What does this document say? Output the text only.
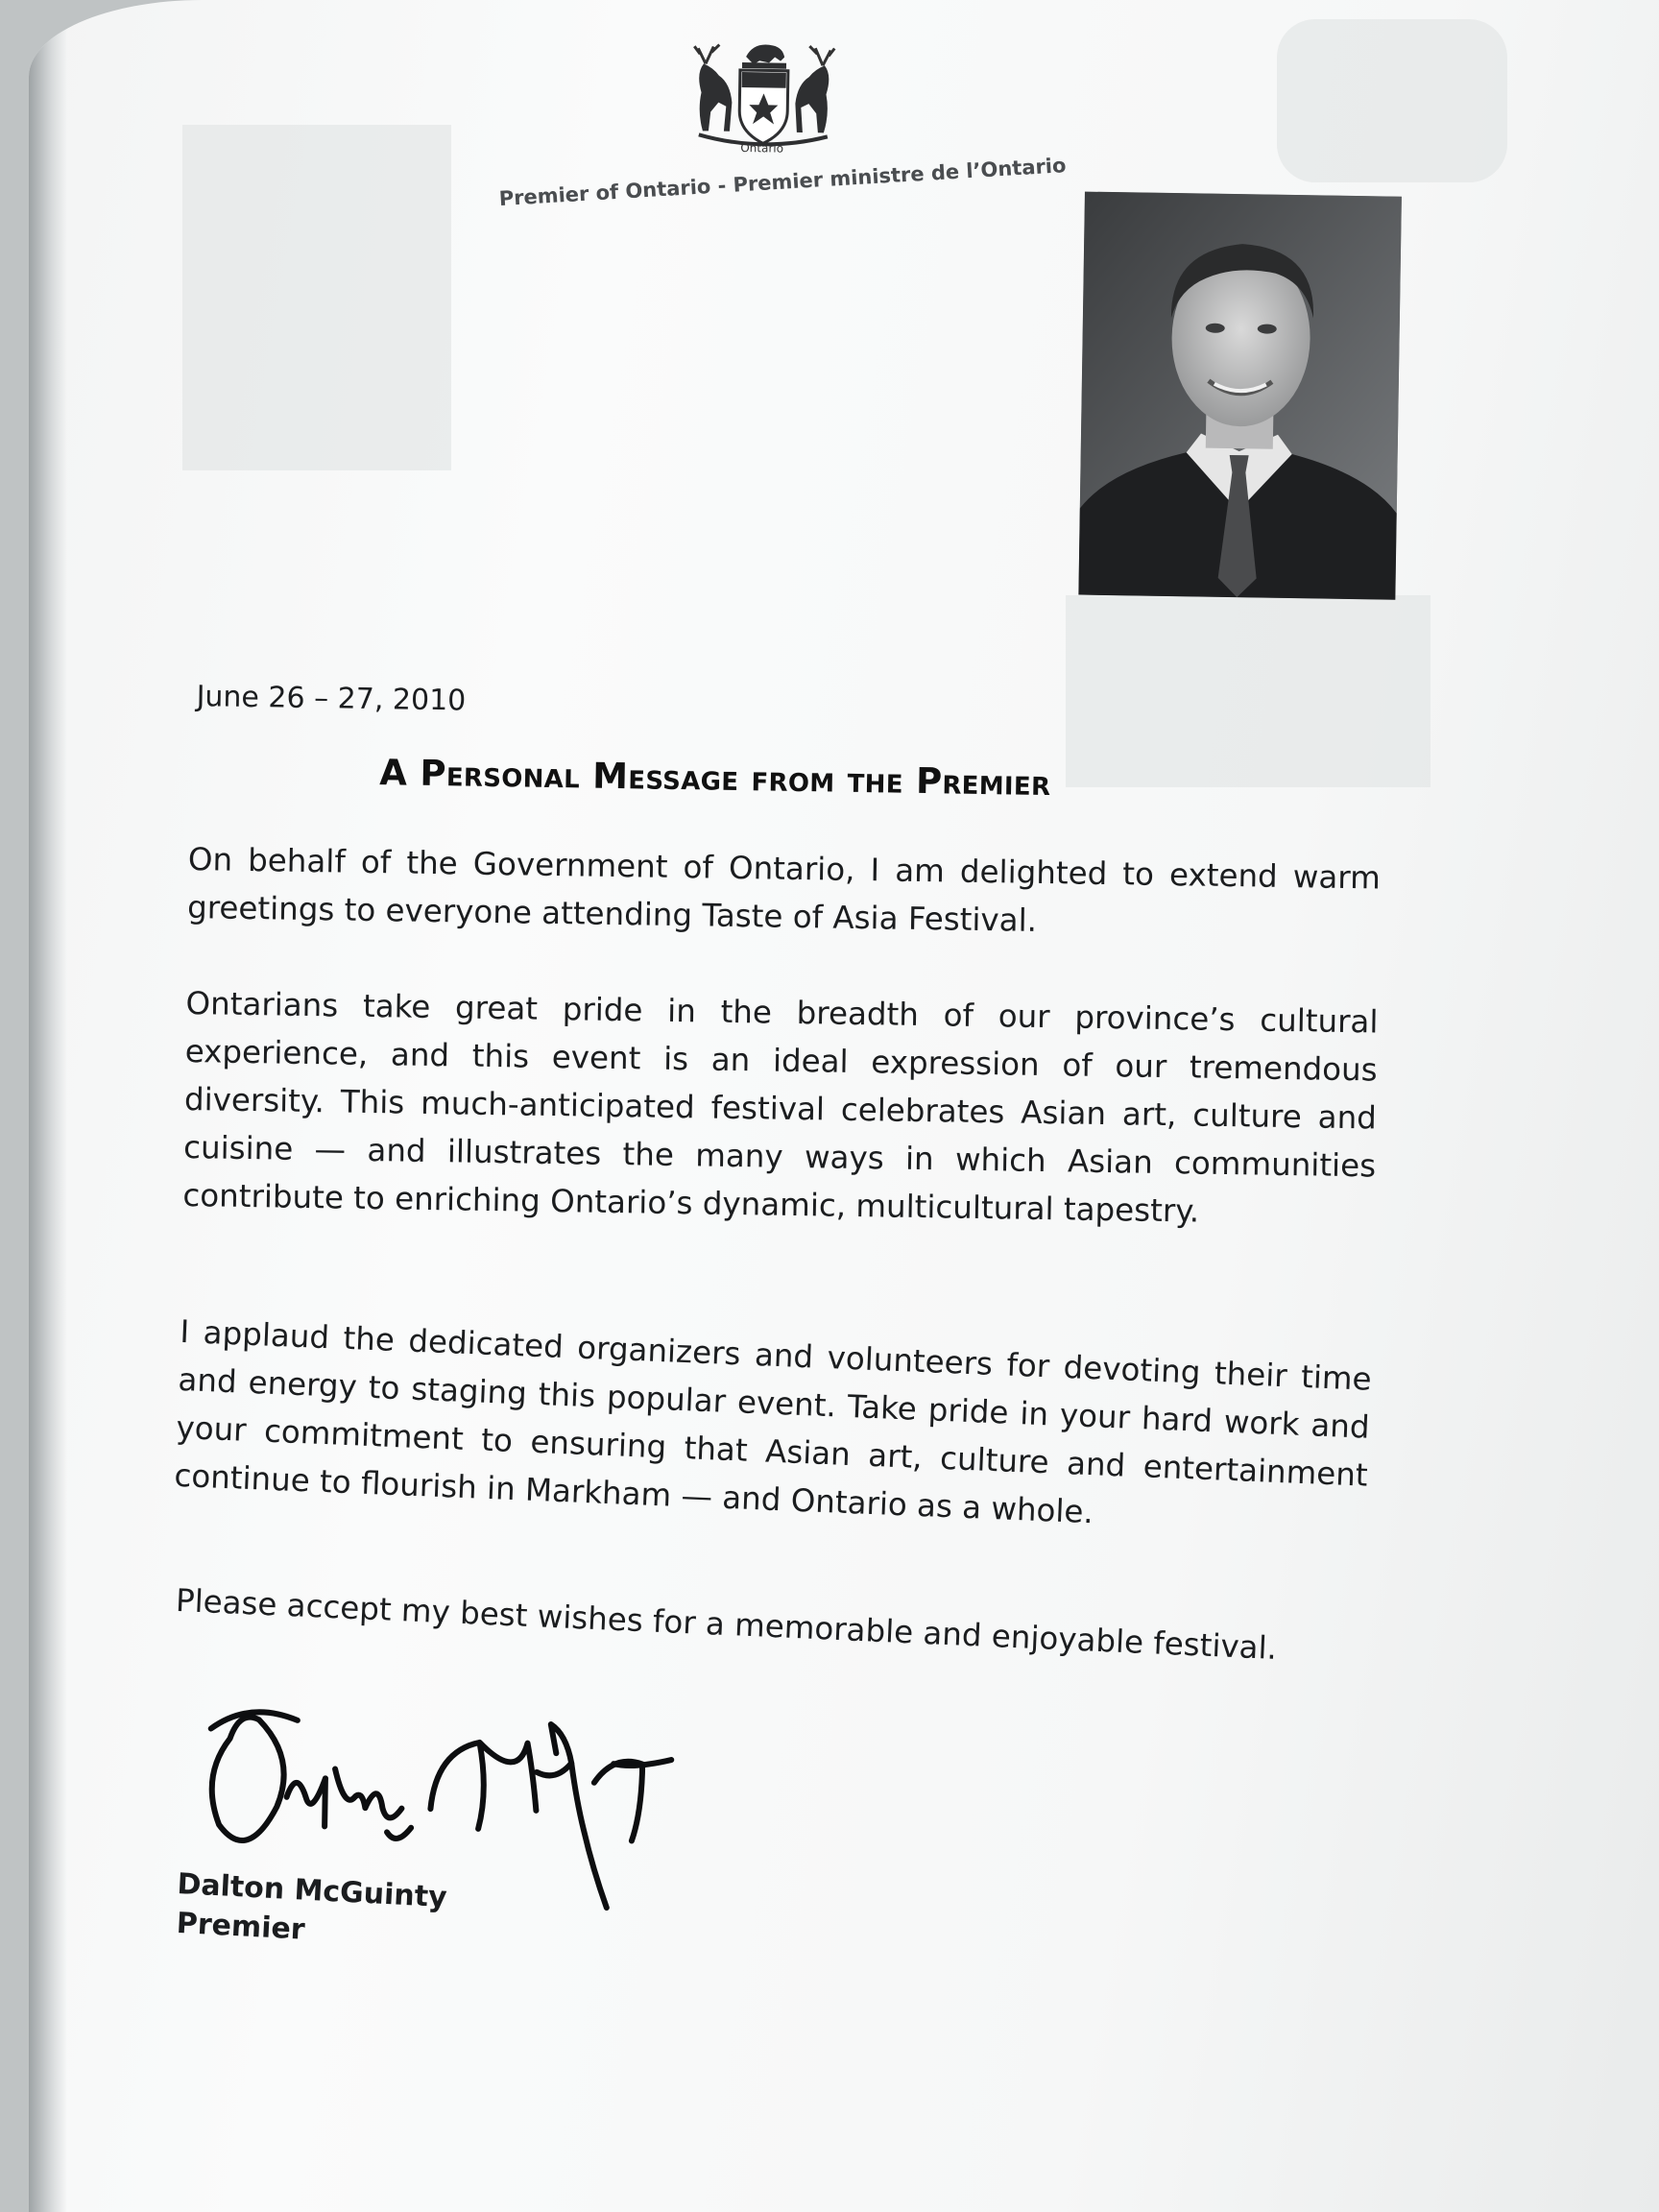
Ontario
Premier of Ontario - Premier ministre de l’Ontario
June 26 – 27, 2010
A Personal Message from the Premier

On behalf of the Government of Ontario, I am delighted to extend warm greetings to everyone attending Taste of Asia Festival.

Ontarians take great pride in the breadth of our province’s cultural experience, and this event is an ideal expression of our tremendous diversity. This much-anticipated festival celebrates Asian art, culture and cuisine — and illustrates the many ways in which Asian communities contribute to enriching Ontario’s dynamic, multicultural tapestry.

I applaud the dedicated organizers and volunteers for devoting their time and energy to staging this popular event. Take pride in your hard work and your commitment to ensuring that Asian art, culture and entertainment continue to flourish in Markham — and Ontario as a whole.

Please accept my best wishes for a memorable and enjoyable festival.

Dalton McGuinty
Premier
